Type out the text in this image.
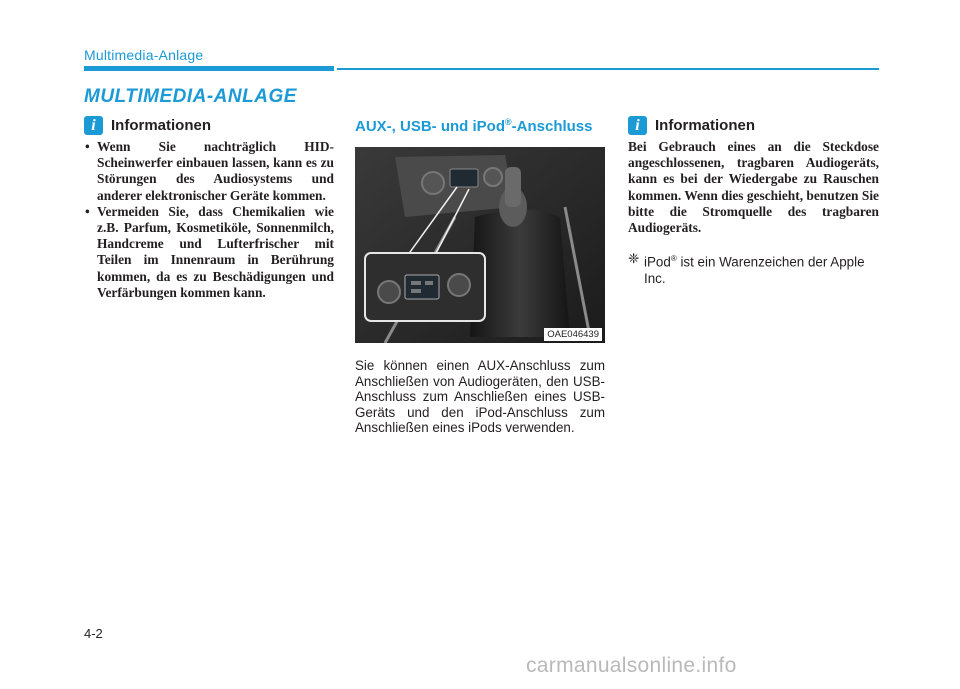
Multimedia-Anlage
MULTIMEDIA-ANLAGE
i	Informationen
• Wenn Sie nachträglich HID-Scheinwerfer einbauen lassen, kann es zu Störungen des Audiosystems und anderer elektronischer Geräte kommen.
• Vermeiden Sie, dass Chemikalien wie z.B. Parfum, Kosmetiköle, Sonnenmilch, Handcreme und Lufterfrischer mit Teilen im Innenraum in Berührung kommen, da es zu Beschädigungen und Verfärbungen kommen kann.
AUX-, USB- und iPod®-Anschluss
OAE046439
Sie können einen AUX-Anschluss zum Anschließen von Audiogeräten, den USB-Anschluss zum Anschließen eines USB-Geräts und den iPod-Anschluss zum Anschließen eines iPods verwenden.
i	Informationen
Bei Gebrauch eines an die Steckdose angeschlossenen, tragbaren Audiogeräts, kann es bei der Wiedergabe zu Rauschen kommen. Wenn dies geschieht, benutzen Sie bitte die Stromquelle des tragbaren Audiogeräts.
❈ iPod® ist ein Warenzeichen der Apple Inc.
4-2
carmanualsonline.info
